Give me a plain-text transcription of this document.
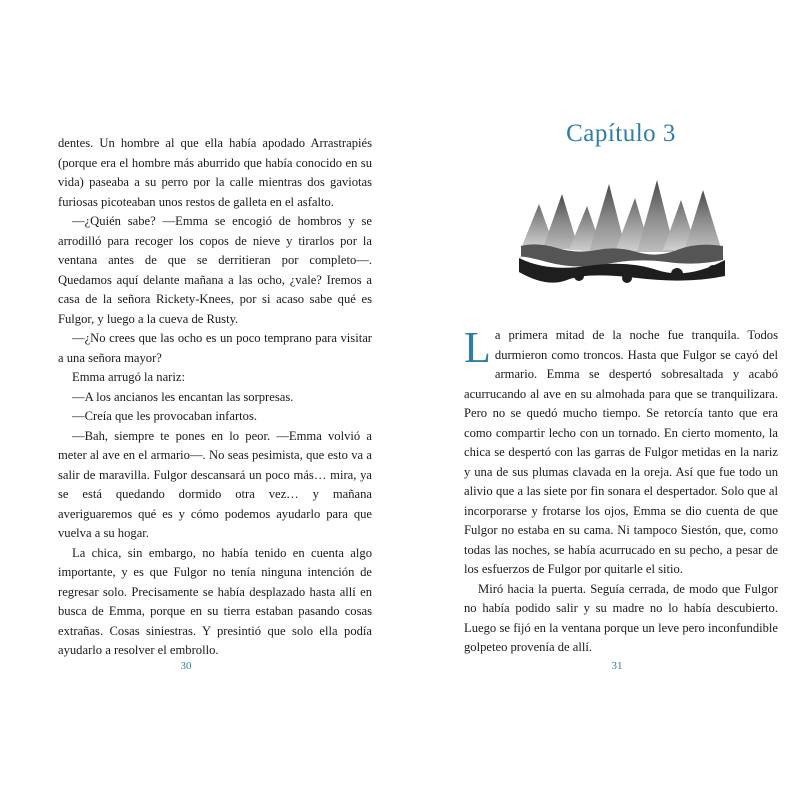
dentes. Un hombre al que ella había apodado Arrastrapiés (porque era el hombre más aburrido que había conocido en su vida) paseaba a su perro por la calle mientras dos gaviotas furiosas picoteaban unos restos de galleta en el asfalto.

—¿Quién sabe? —Emma se encogió de hombros y se arrodilló para recoger los copos de nieve y tirarlos por la ventana antes de que se derritieran por completo—. Quedamos aquí delante mañana a las ocho, ¿vale? Iremos a casa de la señora Rickety-Knees, por si acaso sabe qué es Fulgor, y luego a la cueva de Rusty.

—¿No crees que las ocho es un poco temprano para visitar a una señora mayor?

Emma arrugó la nariz:

—A los ancianos les encantan las sorpresas.

—Creía que les provocaban infartos.

—Bah, siempre te pones en lo peor. —Emma volvió a meter al ave en el armario—. No seas pesimista, que esto va a salir de maravilla. Fulgor descansará un poco más… mira, ya se está quedando dormido otra vez… y mañana averiguaremos qué es y cómo podemos ayudarlo para que vuelva a su hogar.

La chica, sin embargo, no había tenido en cuenta algo importante, y es que Fulgor no tenía ninguna intención de regresar solo. Precisamente se había desplazado hasta allí en busca de Emma, porque en su tierra estaban pasando cosas extrañas. Cosas siniestras. Y presintió que solo ella podía ayudarlo a resolver el embrollo.

30
Capítulo 3

La primera mitad de la noche fue tranquila. Todos durmieron como troncos. Hasta que Fulgor se cayó del armario. Emma se despertó sobresaltada y acabó acurrucando al ave en su almohada para que se tranquilizara. Pero no se quedó mucho tiempo. Se retorcía tanto que era como compartir lecho con un tornado. En cierto momento, la chica se despertó con las garras de Fulgor metidas en la nariz y una de sus plumas clavada en la oreja. Así que fue todo un alivio que a las siete por fin sonara el despertador. Solo que al incorporarse y frotarse los ojos, Emma se dio cuenta de que Fulgor no estaba en su cama. Ni tampoco Siestón, que, como todas las noches, se había acurrucado en su pecho, a pesar de los esfuerzos de Fulgor por quitarle el sitio.

Miró hacia la puerta. Seguía cerrada, de modo que Fulgor no había podido salir y su madre no lo había descubierto. Luego se fijó en la ventana porque un leve pero inconfundible golpeteo provenía de allí.

31
